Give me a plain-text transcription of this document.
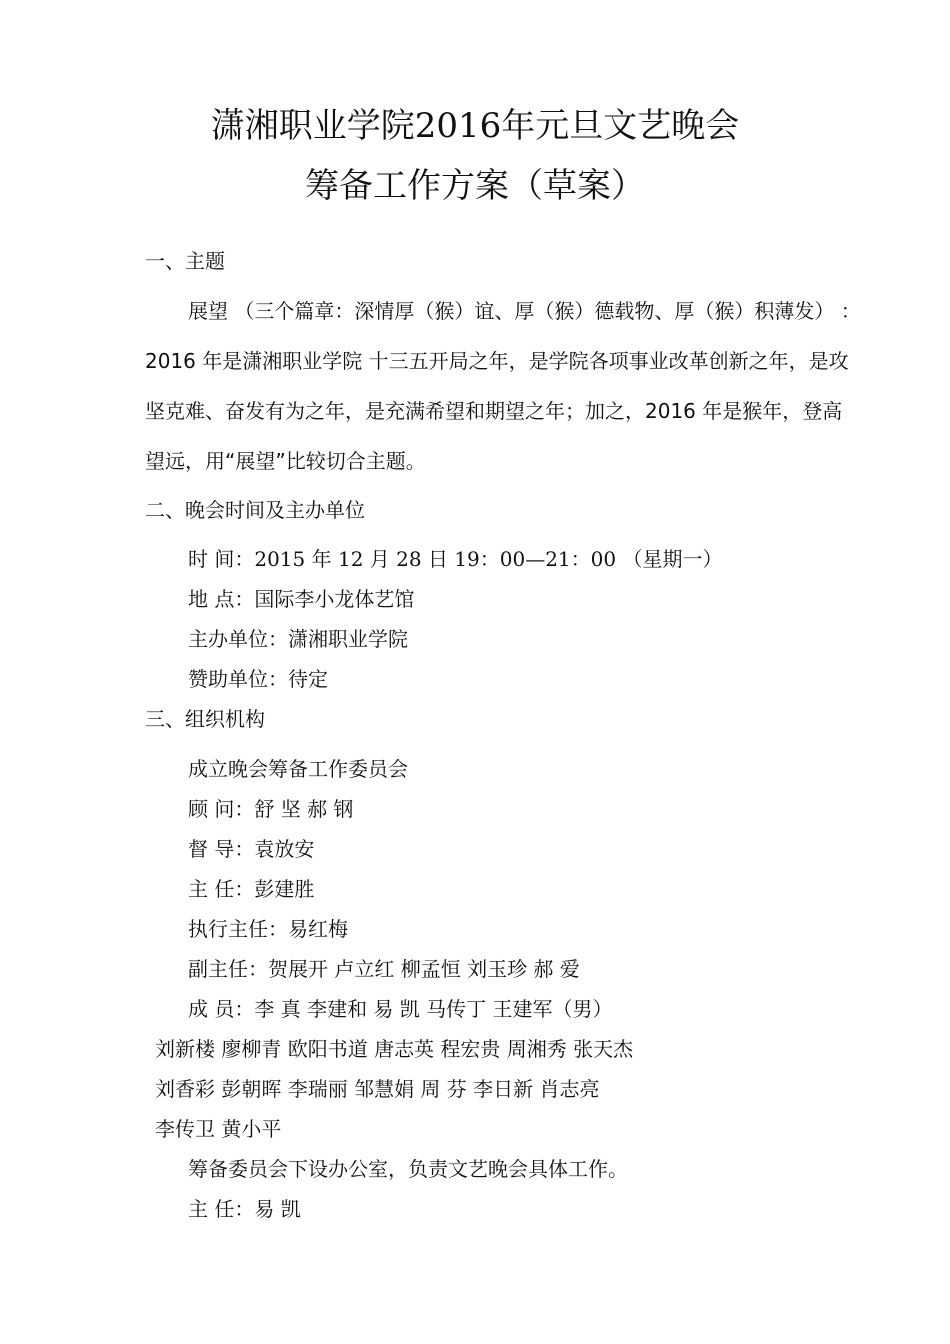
潇湘职业学院2016年元旦文艺晚会
筹备工作方案（草案）

一、主题

展望 （三个篇章：深情厚（猴）谊、厚（猴）德载物、厚（猴）积薄发） ：

2016 年是潇湘职业学院 十三五开局之年，是学院各项事业改革创新之年，是攻

坚克难、奋发有为之年，是充满希望和期望之年；加之，2016 年是猴年，登高

望远，用“展望”比较切合主题。

二、晚会时间及主办单位

时 间：2015 年 12 月 28 日 19：00—21：00 （星期一）

地 点：国际李小龙体艺馆

主办单位：潇湘职业学院

赞助单位：待定

三、组织机构

成立晚会筹备工作委员会

顾 问：舒 坚 郝 钢

督 导：袁放安

主 任：彭建胜

执行主任：易红梅

副主任：贺展开 卢立红 柳孟恒 刘玉珍 郝 爱

成 员：李 真 李建和 易 凯 马传丁 王建军（男）

刘新楼 廖柳青 欧阳书道 唐志英 程宏贵 周湘秀 张天杰

刘香彩 彭朝晖 李瑞丽 邹慧娟 周 芬 李日新 肖志亮

李传卫 黄小平

筹备委员会下设办公室，负责文艺晚会具体工作。

主 任：易 凯
